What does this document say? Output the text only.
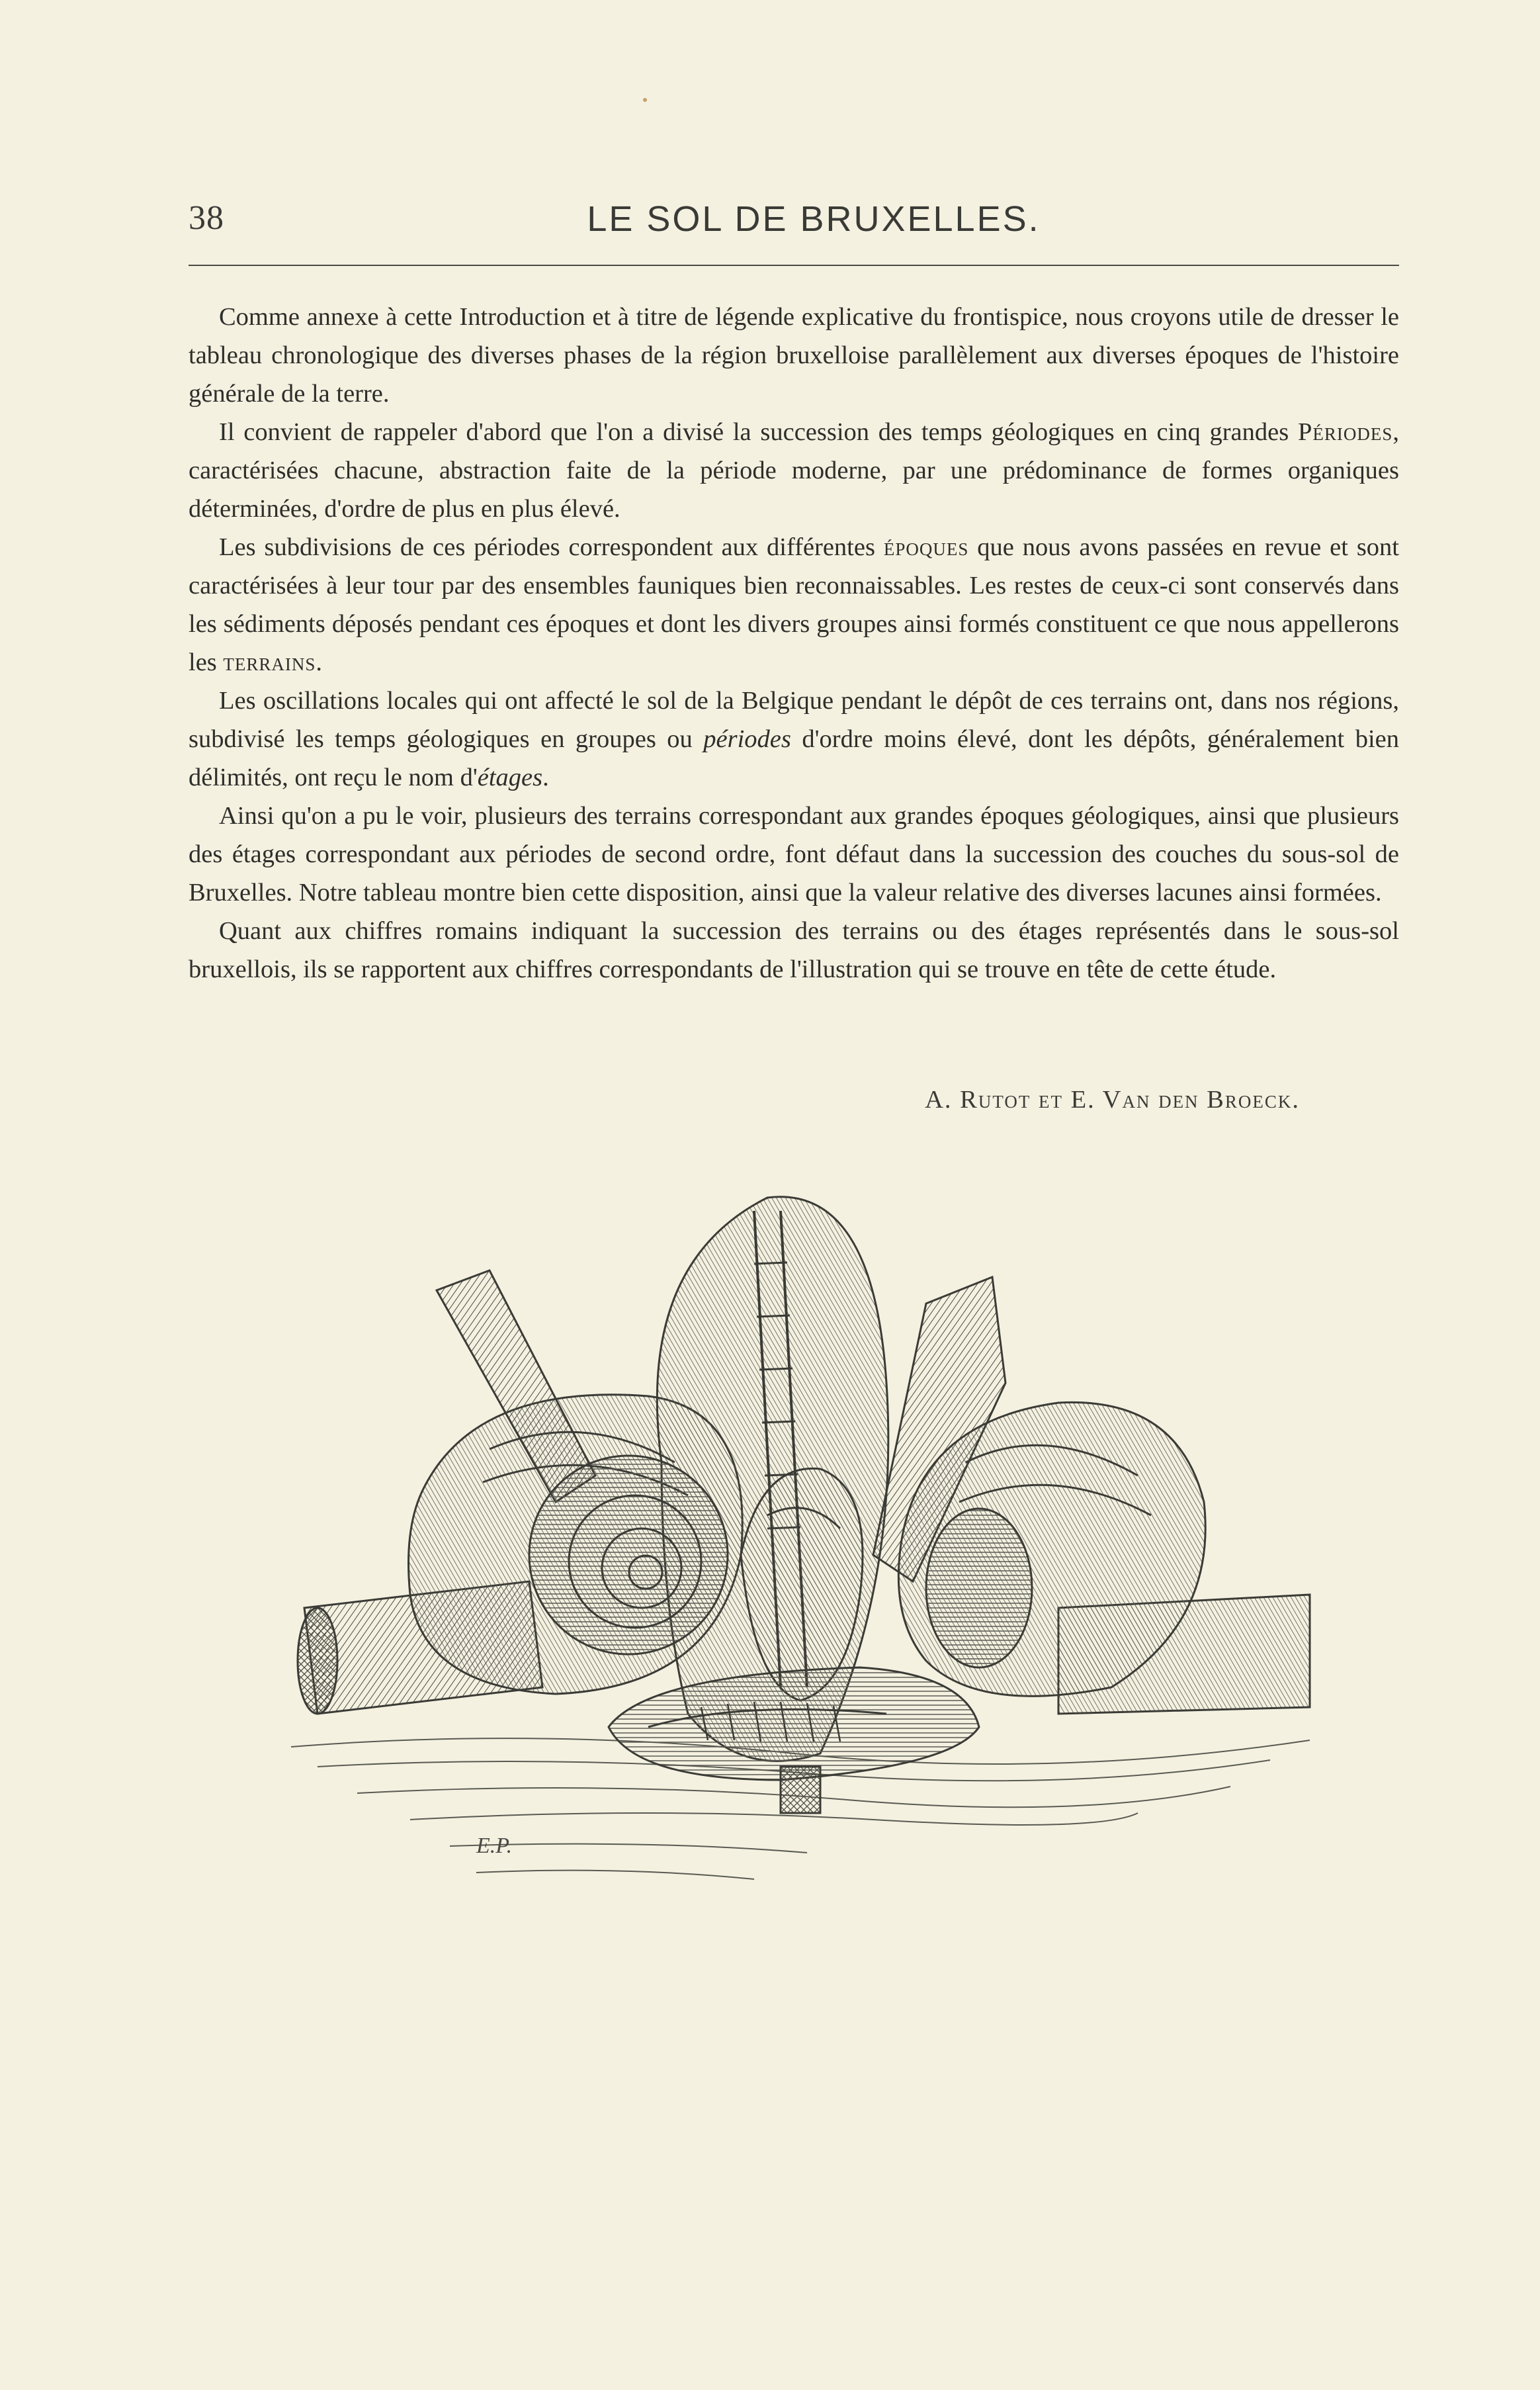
38	LE SOL DE BRUXELLES.

Comme annexe à cette Introduction et à titre de légende explicative du frontispice, nous croyons utile de dresser le tableau chronologique des diverses phases de la région bruxelloise parallèlement aux diverses époques de l'histoire générale de la terre.

Il convient de rappeler d'abord que l'on a divisé la succession des temps géologiques en cinq grandes Périodes, caractérisées chacune, abstraction faite de la période moderne, par une prédominance de formes organiques déterminées, d'ordre de plus en plus élevé.

Les subdivisions de ces périodes correspondent aux différentes époques que nous avons passées en revue et sont caractérisées à leur tour par des ensembles fauniques bien reconnaissables. Les restes de ceux-ci sont conservés dans les sédiments déposés pendant ces époques et dont les divers groupes ainsi formés constituent ce que nous appellerons les terrains.

Les oscillations locales qui ont affecté le sol de la Belgique pendant le dépôt de ces terrains ont, dans nos régions, subdivisé les temps géologiques en groupes ou périodes d'ordre moins élevé, dont les dépôts, généralement bien délimités, ont reçu le nom d'étages.

Ainsi qu'on a pu le voir, plusieurs des terrains correspondant aux grandes époques géologiques, ainsi que plusieurs des étages correspondant aux périodes de second ordre, font défaut dans la succession des couches du sous-sol de Bruxelles. Notre tableau montre bien cette disposition, ainsi que la valeur relative des diverses lacunes ainsi formées.

Quant aux chiffres romains indiquant la succession des terrains ou des étages représentés dans le sous-sol bruxellois, ils se rapportent aux chiffres correspondants de l'illustration qui se trouve en tête de cette étude.

A. Rutot et E. Van den Broeck.
E.P.
